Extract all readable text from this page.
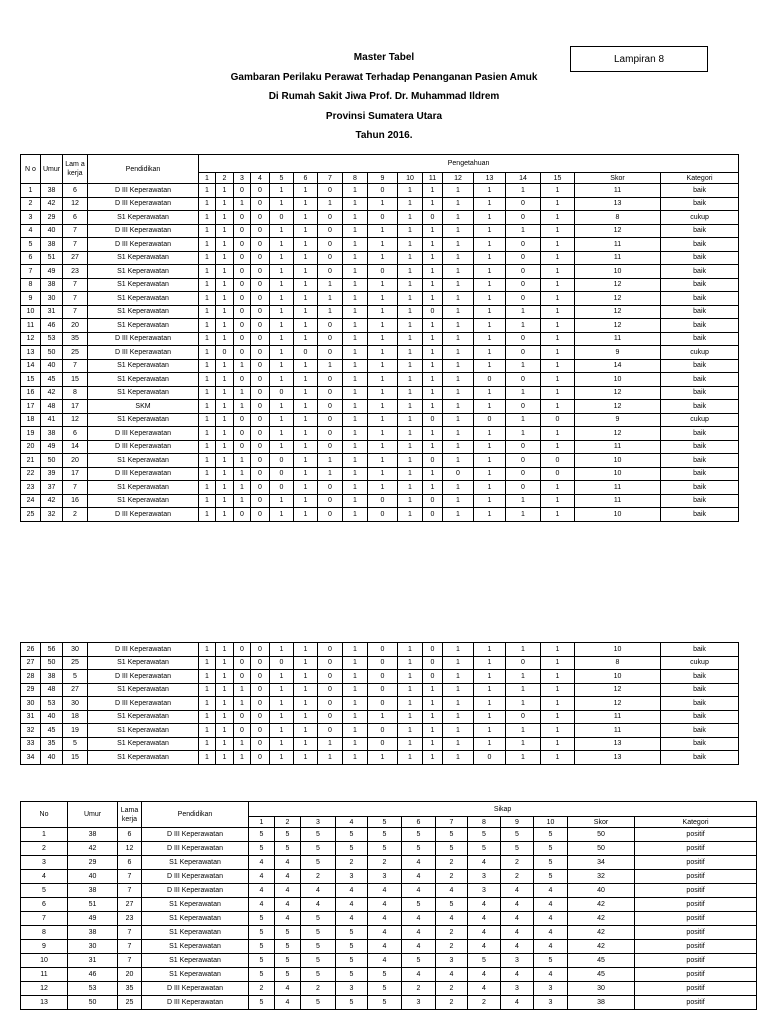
Lampiran 8
Master Tabel
Gambaran Perilaku Perawat Terhadap Penanganan Pasien Amuk
Di Rumah Sakit Jiwa Prof. Dr. Muhammad Ildrem
Provinsi Sumatera Utara
Tahun 2016.
N o	Umur	Lam a kerja	Pendidikan	Pengetahuan																
				1	2	3	4	5	6	7	8	9	10	11	12	13	14	15	Skor	Kategori
1	38	6	D III Keperawatan	1	1	0	0	1	1	0	1	0	1	1	1	1	1	1	11	baik
2	42	12	D III Keperawatan	1	1	1	0	1	1	1	1	1	1	1	1	1	0	1	13	baik
3	29	6	S1 Keperawatan	1	1	0	0	0	1	0	1	0	1	0	1	1	0	1	8	cukup
4	40	7	D III Keperawatan	1	1	0	0	1	1	0	1	1	1	1	1	1	1	1	12	baik
5	38	7	D III Keperawatan	1	1	0	0	1	1	0	1	1	1	1	1	1	0	1	11	baik
6	51	27	S1 Keperawatan	1	1	0	0	1	1	0	1	1	1	1	1	1	0	1	11	baik
7	49	23	S1 Keperawatan	1	1	0	0	1	1	0	1	0	1	1	1	1	0	1	10	baik
8	38	7	S1 Keperawatan	1	1	0	0	1	1	1	1	1	1	1	1	1	0	1	12	baik
9	30	7	S1 Keperawatan	1	1	0	0	1	1	1	1	1	1	1	1	1	0	1	12	baik
10	31	7	S1 Keperawatan	1	1	0	0	1	1	1	1	1	1	0	1	1	1	1	12	baik
11	46	20	S1 Keperawatan	1	1	0	0	1	1	0	1	1	1	1	1	1	1	1	12	baik
12	53	35	D III Keperawatan	1	1	0	0	1	1	0	1	1	1	1	1	1	0	1	11	baik
13	50	25	D III Keperawatan	1	0	0	0	1	0	0	1	1	1	1	1	1	0	1	9	cukup
14	40	7	S1 Keperawatan	1	1	1	0	1	1	1	1	1	1	1	1	1	1	1	14	baik
15	45	15	S1 Keperawatan	1	1	0	0	1	1	0	1	1	1	1	1	0	0	1	10	baik
16	42	8	S1 Keperawatan	1	1	1	0	0	1	0	1	1	1	1	1	1	1	1	12	baik
17	48	17	SKM	1	1	1	0	1	1	0	1	1	1	1	1	1	0	1	12	baik
18	41	12	S1 Keperawatan	1	1	0	0	1	1	0	1	1	1	0	1	0	1	0	9	cukup
19	38	6	D III Keperawatan	1	1	0	0	1	1	0	1	1	1	1	1	1	1	1	12	baik
20	49	14	D III Keperawatan	1	1	0	0	1	1	0	1	1	1	1	1	1	0	1	11	baik
21	50	20	S1 Keperawatan	1	1	1	0	0	1	1	1	1	1	0	1	1	0	0	10	baik
22	39	17	D III Keperawatan	1	1	1	0	0	1	1	1	1	1	1	0	1	0	0	10	baik
23	37	7	S1 Keperawatan	1	1	1	0	0	1	0	1	1	1	1	1	1	0	1	11	baik
24	42	16	S1 Keperawatan	1	1	1	0	1	1	0	1	0	1	0	1	1	1	1	11	baik
25	32	2	D III Keperawatan	1	1	0	0	1	1	0	1	0	1	0	1	1	1	1	10	baik
26	56	30	D III Keperawatan	1	1	0	0	1	1	0	1	0	1	0	1	1	1	1	10	baik
27	50	25	S1 Keperawatan	1	1	0	0	0	1	0	1	0	1	0	1	1	0	1	8	cukup
28	38	5	D III Keperawatan	1	1	0	0	1	1	0	1	0	1	0	1	1	1	1	10	baik
29	48	27	S1 Keperawatan	1	1	1	0	1	1	0	1	0	1	1	1	1	1	1	12	baik
30	53	30	D III Keperawatan	1	1	1	0	1	1	0	1	0	1	1	1	1	1	1	12	baik
31	40	18	S1 Keperawatan	1	1	0	0	1	1	0	1	1	1	1	1	1	0	1	11	baik
32	45	19	S1 Keperawatan	1	1	0	0	1	1	0	1	0	1	1	1	1	1	1	11	baik
33	35	5	S1 Keperawatan	1	1	1	0	1	1	1	1	0	1	1	1	1	1	1	13	baik
34	40	15	S1 Keperawatan	1	1	1	0	1	1	1	1	1	1	1	1	0	1	1	13	baik
No	Umur	Lama kerja	Pendidikan	Sikap											
				1	2	3	4	5	6	7	8	9	10	Skor	Kategori
1	38	6	D III Keperawatan	5	5	5	5	5	5	5	5	5	5	50	positif
2	42	12	D III Keperawatan	5	5	5	5	5	5	5	5	5	5	50	positif
3	29	6	S1 Keperawatan	4	4	5	2	2	4	2	4	2	5	34	positif
4	40	7	D III Keperawatan	4	4	2	3	3	4	2	3	2	5	32	positif
5	38	7	D III Keperawatan	4	4	4	4	4	4	4	3	4	4	40	positif
6	51	27	S1 Keperawatan	4	4	4	4	4	5	5	4	4	4	42	positif
7	49	23	S1 Keperawatan	5	4	5	4	4	4	4	4	4	4	42	positif
8	38	7	S1 Keperawatan	5	5	5	5	4	4	2	4	4	4	42	positif
9	30	7	S1 Keperawatan	5	5	5	5	4	4	2	4	4	4	42	positif
10	31	7	S1 Keperawatan	5	5	5	5	4	5	3	5	3	5	45	positif
11	46	20	S1 Keperawatan	5	5	5	5	5	4	4	4	4	4	45	positif
12	53	35	D III Keperawatan	2	4	2	3	5	2	2	4	3	3	30	positif
13	50	25	D III Keperawatan	5	4	5	5	5	3	2	2	4	3	38	positif
